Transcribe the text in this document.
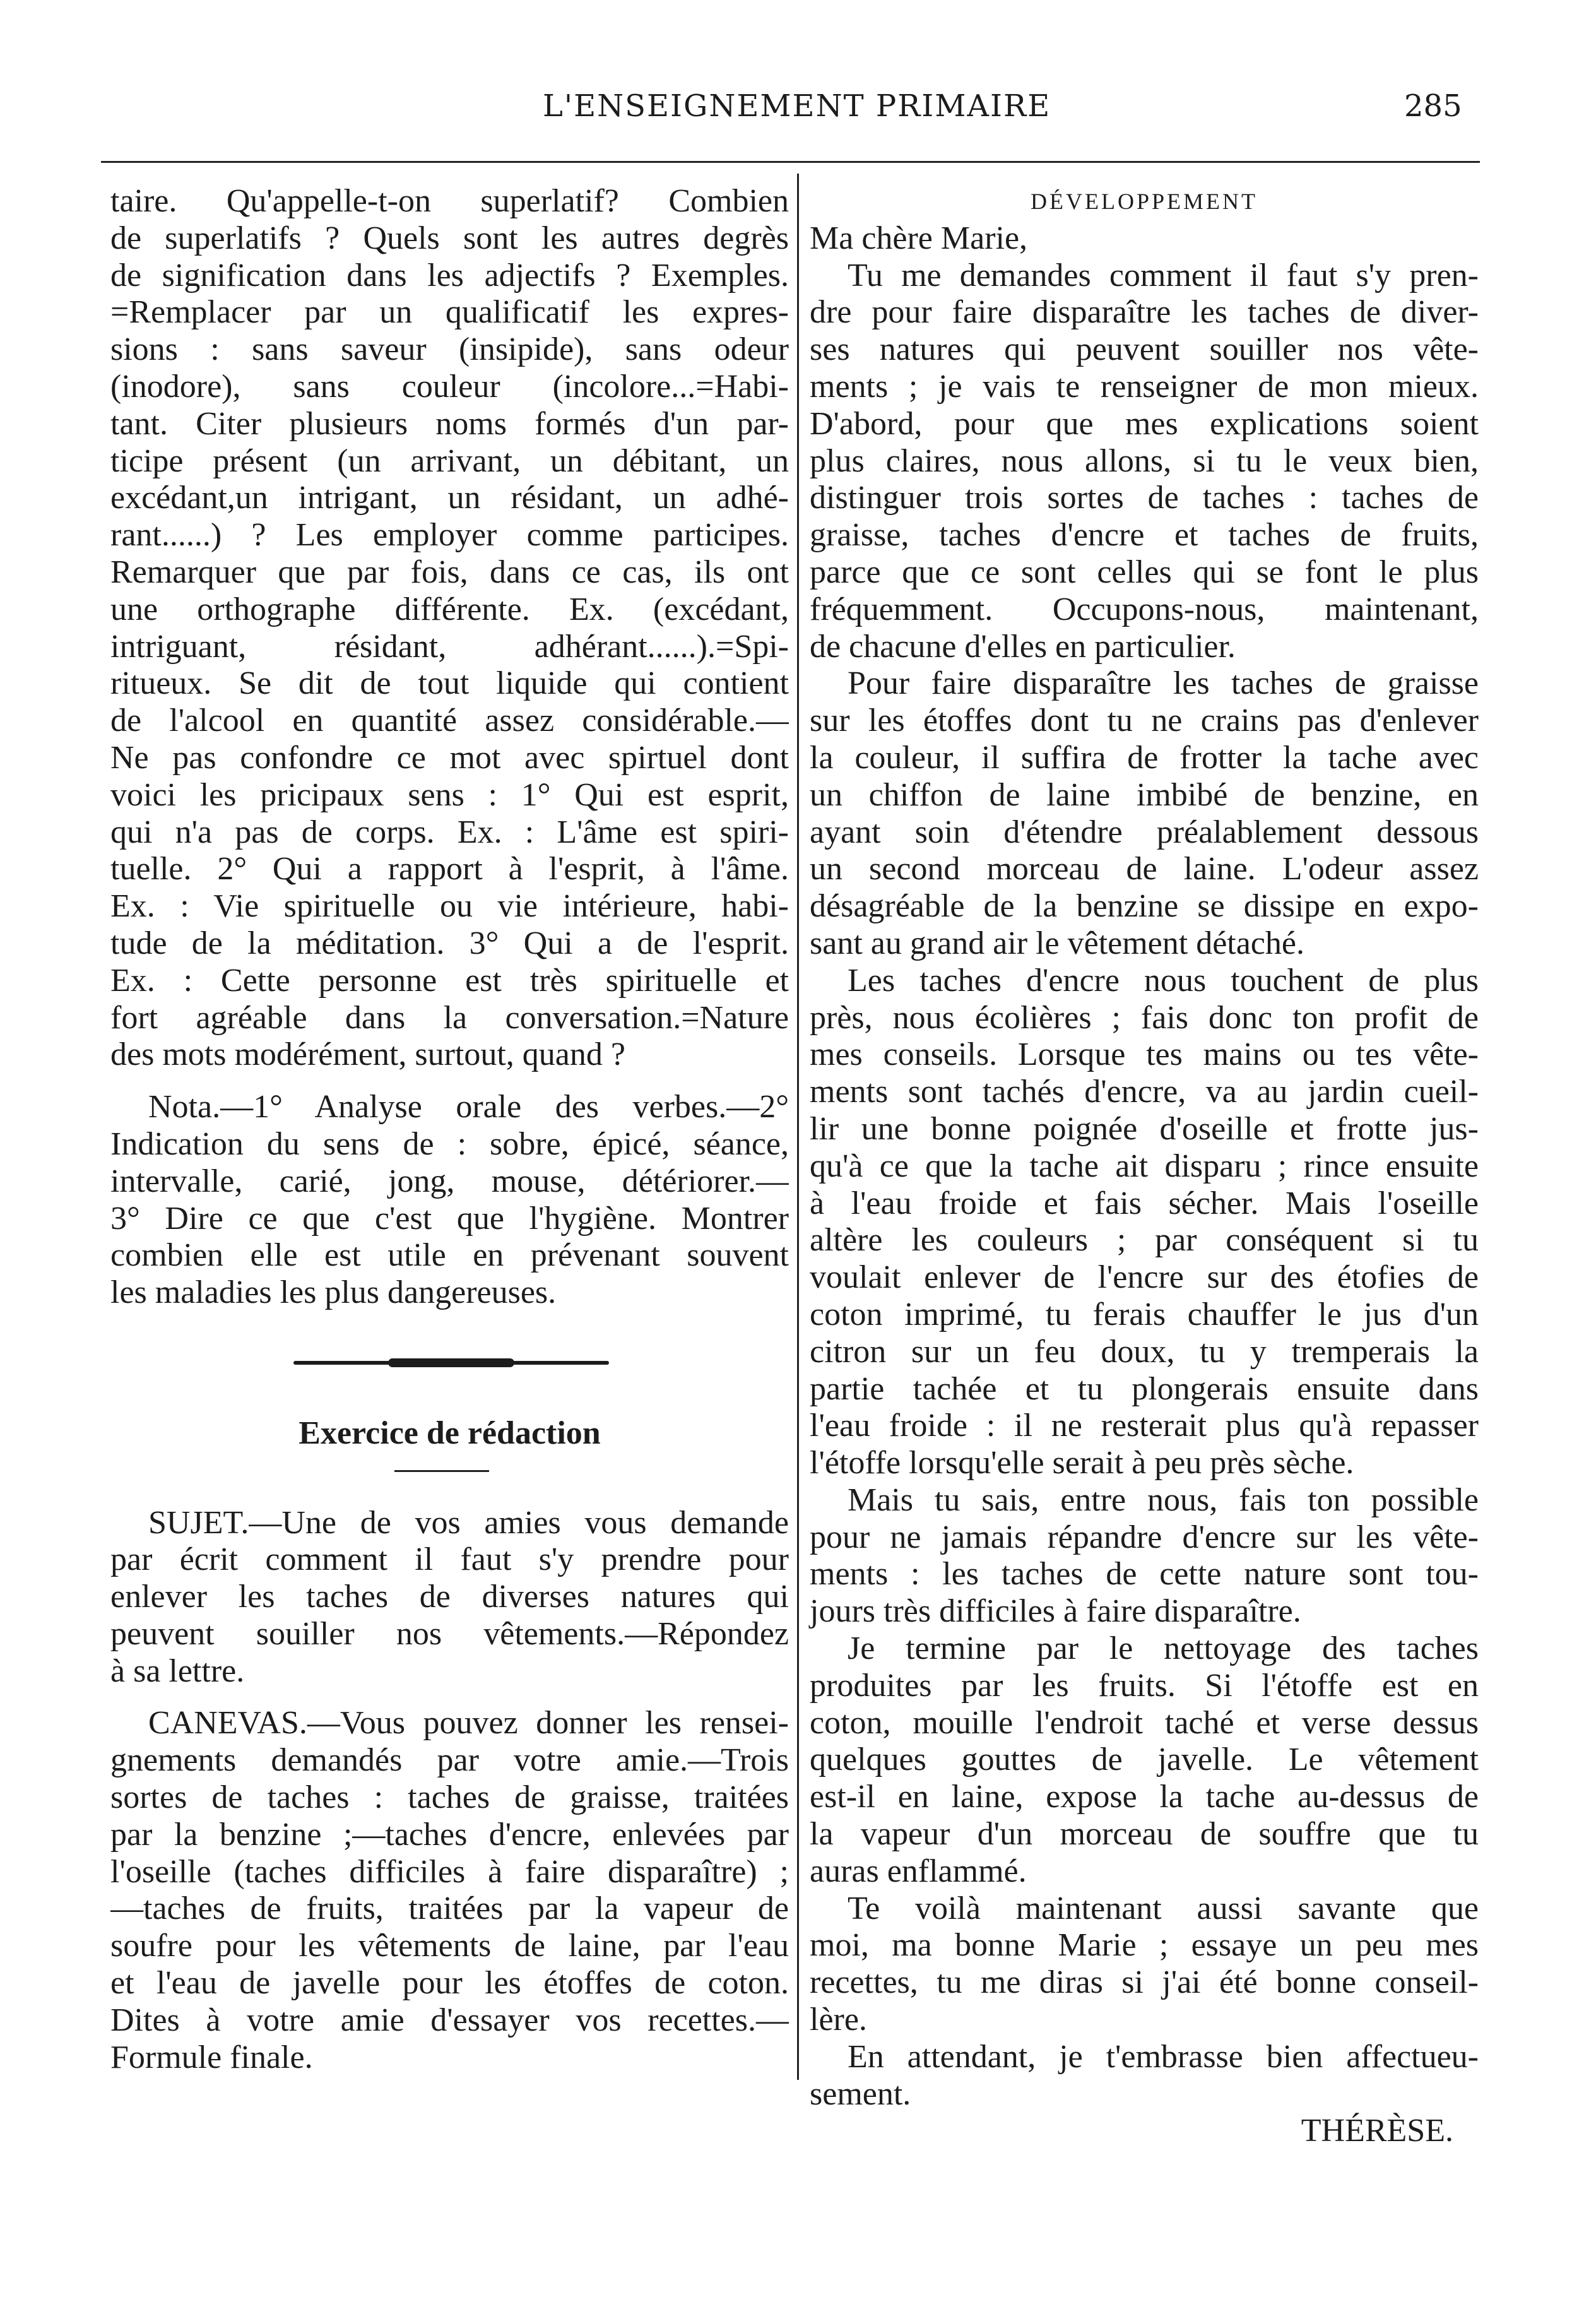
L'ENSEIGNEMENT PRIMAIRE	285
taire. Qu'appelle-t-on superlatif? Combien
de superlatifs ? Quels sont les autres degrès
de signification dans les adjectifs ? Exemples.
=Remplacer par un qualificatif les expres-
sions : sans saveur (insipide), sans odeur
(inodore), sans couleur (incolore...=Habi-
tant. Citer plusieurs noms formés d'un par-
ticipe présent (un arrivant, un débitant, un
excédant,un intrigant, un résidant, un adhé-
rant......) ? Les employer comme participes.
Remarquer que par fois, dans ce cas, ils ont
une orthographe différente. Ex. (excédant,
intriguant, résidant, adhérant......).=Spi-
ritueux. Se dit de tout liquide qui contient
de l'alcool en quantité assez considérable.—
Ne pas confondre ce mot avec spirtuel dont
voici les pricipaux sens : 1° Qui est esprit,
qui n'a pas de corps. Ex. : L'âme est spiri-
tuelle. 2° Qui a rapport à l'esprit, à l'âme.
Ex. : Vie spirituelle ou vie intérieure, habi-
tude de la méditation. 3° Qui a de l'esprit.
Ex. : Cette personne est très spirituelle et
fort agréable dans la conversation.=Nature
des mots modérément, surtout, quand ?
Nota.—1° Analyse orale des verbes.—2°
Indication du sens de : sobre, épicé, séance,
intervalle, carié, jong, mouse, détériorer.—
3° Dire ce que c'est que l'hygiène. Montrer
combien elle est utile en prévenant souvent
les maladies les plus dangereuses.
Exercice de rédaction
SUJET.—Une de vos amies vous demande
par écrit comment il faut s'y prendre pour
enlever les taches de diverses natures qui
peuvent souiller nos vêtements.—Répondez
à sa lettre.
CANEVAS.—Vous pouvez donner les rensei-
gnements demandés par votre amie.—Trois
sortes de taches : taches de graisse, traitées
par la benzine ;—taches d'encre, enlevées par
l'oseille (taches difficiles à faire disparaître) ;
—taches de fruits, traitées par la vapeur de
soufre pour les vêtements de laine, par l'eau
et l'eau de javelle pour les étoffes de coton.
Dites à votre amie d'essayer vos recettes.—
Formule finale.
DÉVELOPPEMENT
Ma chère Marie,
Tu me demandes comment il faut s'y pren-
dre pour faire disparaître les taches de diver-
ses natures qui peuvent souiller nos vête-
ments ; je vais te renseigner de mon mieux.
D'abord, pour que mes explications soient
plus claires, nous allons, si tu le veux bien,
distinguer trois sortes de taches : taches de
graisse, taches d'encre et taches de fruits,
parce que ce sont celles qui se font le plus
fréquemment. Occupons-nous, maintenant,
de chacune d'elles en particulier.
Pour faire disparaître les taches de graisse
sur les étoffes dont tu ne crains pas d'enlever
la couleur, il suffira de frotter la tache avec
un chiffon de laine imbibé de benzine, en
ayant soin d'étendre préalablement dessous
un second morceau de laine. L'odeur assez
désagréable de la benzine se dissipe en expo-
sant au grand air le vêtement détaché.
Les taches d'encre nous touchent de plus
près, nous écolières ; fais donc ton profit de
mes conseils. Lorsque tes mains ou tes vête-
ments sont tachés d'encre, va au jardin cueil-
lir une bonne poignée d'oseille et frotte jus-
qu'à ce que la tache ait disparu ; rince ensuite
à l'eau froide et fais sécher. Mais l'oseille
altère les couleurs ; par conséquent si tu
voulait enlever de l'encre sur des étofies de
coton imprimé, tu ferais chauffer le jus d'un
citron sur un feu doux, tu y tremperais la
partie tachée et tu plongerais ensuite dans
l'eau froide : il ne resterait plus qu'à repasser
l'étoffe lorsqu'elle serait à peu près sèche.
Mais tu sais, entre nous, fais ton possible
pour ne jamais répandre d'encre sur les vête-
ments : les taches de cette nature sont tou-
jours très difficiles à faire disparaître.
Je termine par le nettoyage des taches
produites par les fruits. Si l'étoffe est en
coton, mouille l'endroit taché et verse dessus
quelques gouttes de javelle. Le vêtement
est-il en laine, expose la tache au-dessus de
la vapeur d'un morceau de souffre que tu
auras enflammé.
Te voilà maintenant aussi savante que
moi, ma bonne Marie ; essaye un peu mes
recettes, tu me diras si j'ai été bonne conseil-
lère.
En attendant, je t'embrasse bien affectueu-
sement.
THÉRÈSE.
